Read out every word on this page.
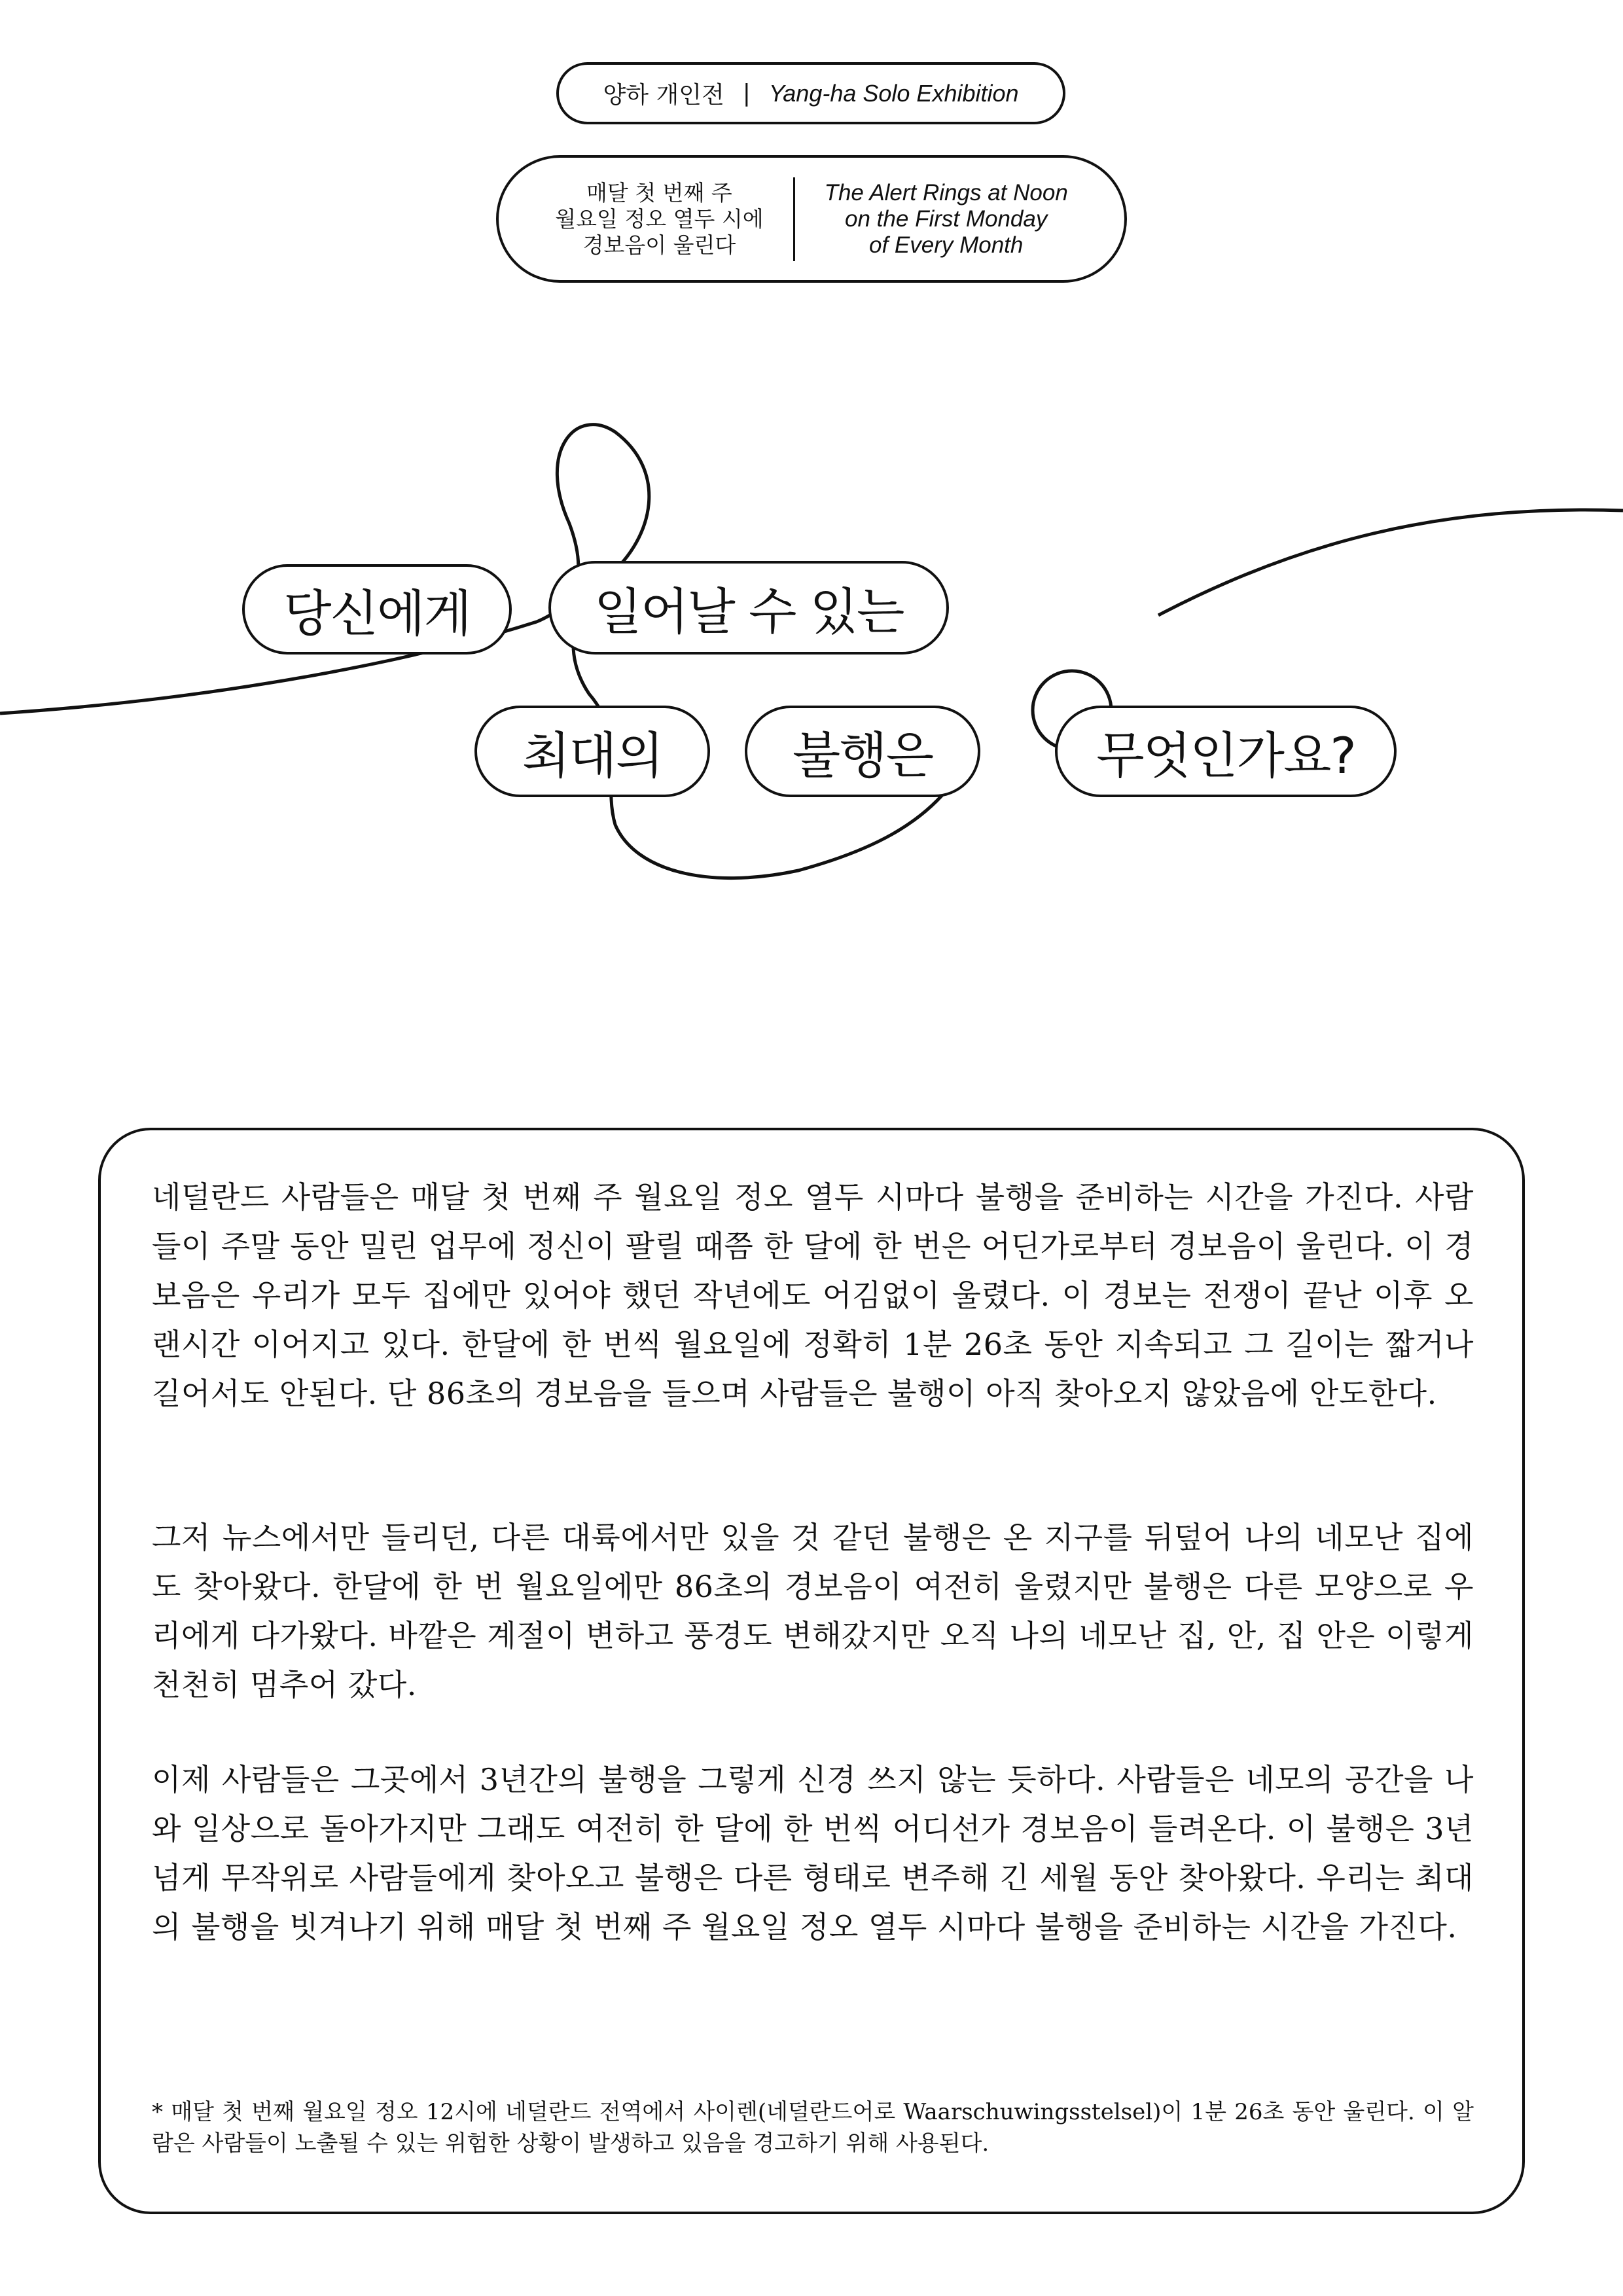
양하 개인전 | Yang-ha Solo Exhibition
매달 첫 번째 주
월요일 정오 열두 시에
경보음이 울린다
The Alert Rings at Noon
on the First Monday
of Every Month
당신에게 일어날 수 있는
최대의	불행은	무엇인가요?

네덜란드 사람들은 매달 첫 번째 주 월요일 정오 열두 시마다 불행을 준비하는 시간을 가진다. 사람들이 주말 동안 밀린 업무에 정신이 팔릴 때쯤 한 달에 한 번은 어딘가로부터 경보음이 울린다. 이 경보음은 우리가 모두 집에만 있어야 했던 작년에도 어김없이 울렸다. 이 경보는 전쟁이 끝난 이후 오랜시간 이어지고 있다. 한달에 한 번씩 월요일에 정확히 1분 26초 동안 지속되고 그 길이는 짧거나 길어서도 안된다. 단 86초의 경보음을 들으며 사람들은 불행이 아직 찾아오지 않았음에 안도한다.

그저 뉴스에서만 들리던, 다른 대륙에서만 있을 것 같던 불행은 온 지구를 뒤덮어 나의 네모난 집에도 찾아왔다. 한달에 한 번 월요일에만 86초의 경보음이 여전히 울렸지만 불행은 다른 모양으로 우리에게 다가왔다. 바깥은 계절이 변하고 풍경도 변해갔지만 오직 나의 네모난 집, 안, 집 안은 이렇게 천천히 멈추어 갔다.

이제 사람들은 그곳에서 3년간의 불행을 그렇게 신경 쓰지 않는 듯하다. 사람들은 네모의 공간을 나와 일상으로 돌아가지만 그래도 여전히 한 달에 한 번씩 어디선가 경보음이 들려온다. 이 불행은 3년 넘게 무작위로 사람들에게 찾아오고 불행은 다른 형태로 변주해 긴 세월 동안 찾아왔다. 우리는 최대의 불행을 빗겨나기 위해 매달 첫 번째 주 월요일 정오 열두 시마다 불행을 준비하는 시간을 가진다.

* 매달 첫 번째 월요일 정오 12시에 네덜란드 전역에서 사이렌(네덜란드어로 Waarschuwingsstelsel)이 1분 26초 동안 울린다. 이 알람은 사람들이 노출될 수 있는 위험한 상황이 발생하고 있음을 경고하기 위해 사용된다.
